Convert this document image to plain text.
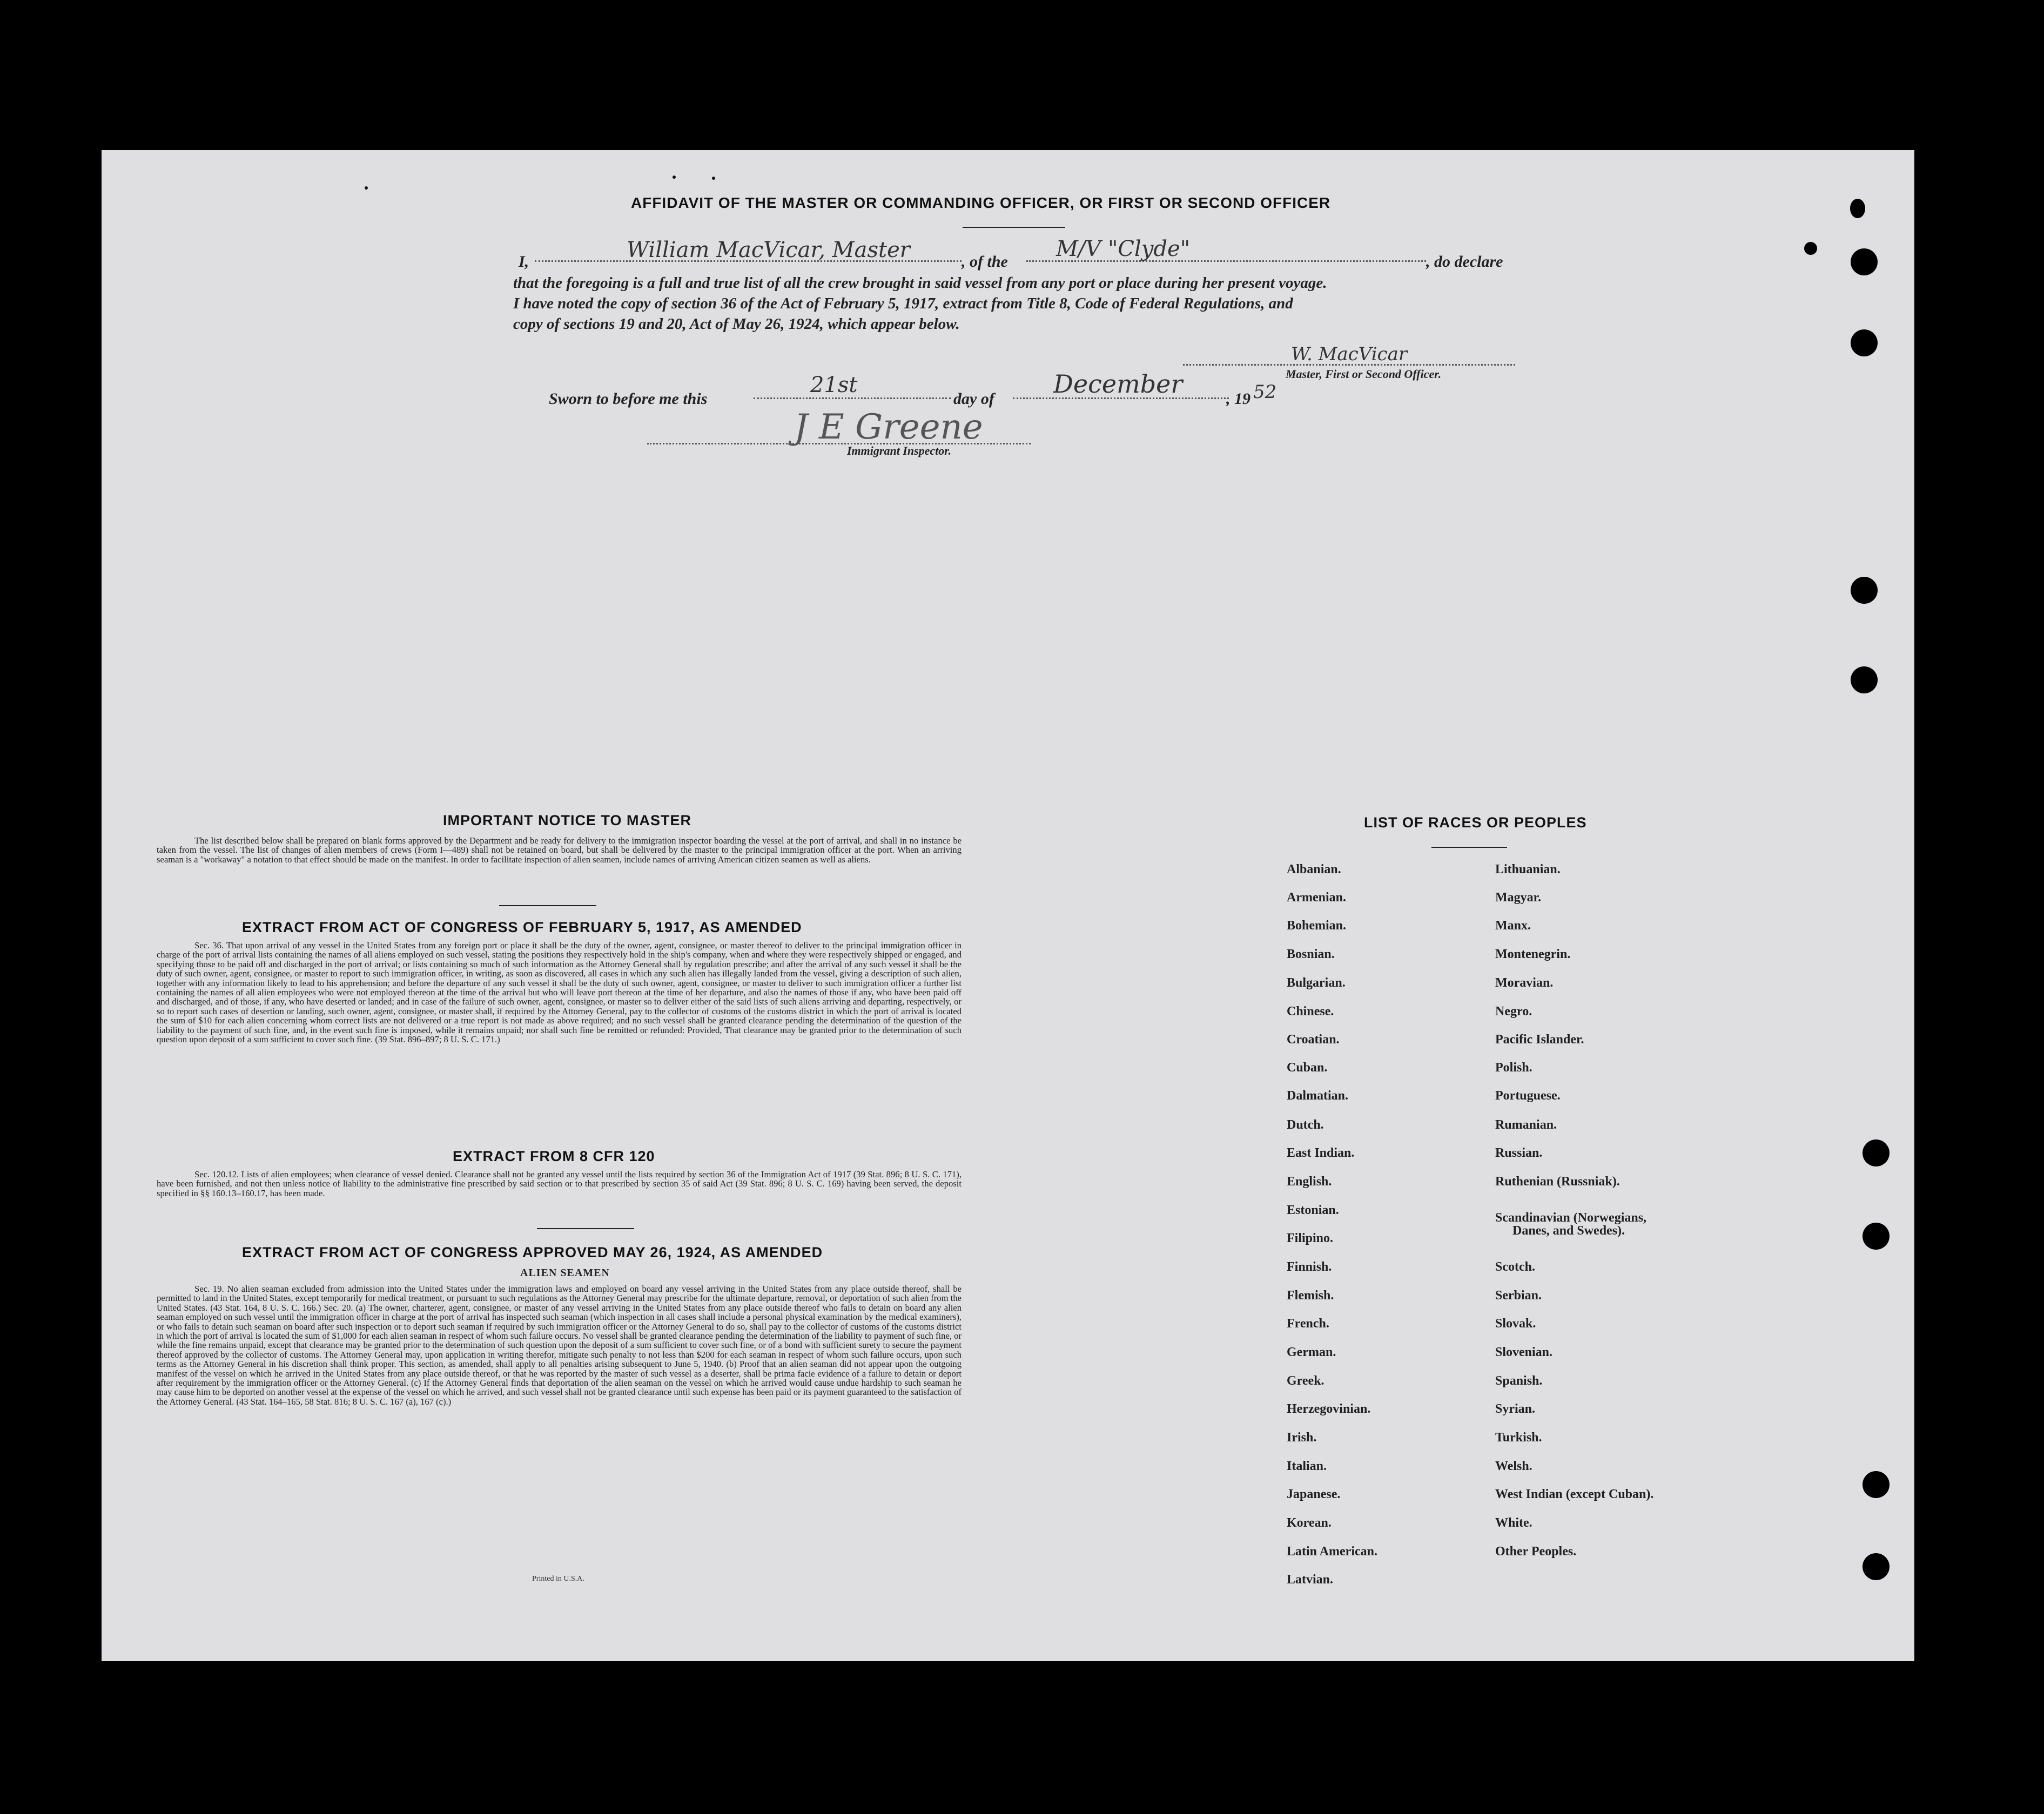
AFFIDAVIT OF THE MASTER OR COMMANDING OFFICER, OR FIRST OR SECOND OFFICER
I,	William MacVicar, Master	, of the
M/V "Clyde"
, do declare
that the foregoing is a full and true list of all the crew brought in said vessel from any port or place during her present voyage.
I have noted the copy of section 36 of the Act of February 5, 1917, extract from Title 8, Code of Federal Regulations, and
copy of sections 19 and 20, Act of May 26, 1924, which appear below.
W. MacVicar
Master, First or Second Officer.
Sworn to before me this
21st
day of
December
, 19 52
J E Greene
Immigrant Inspector.
IMPORTANT NOTICE TO MASTER
The list described below shall be prepared on blank forms approved by the Department and be ready for delivery to the immigration inspector boarding the vessel at the port of arrival, and shall in no instance be taken from the vessel. The list of changes of alien members of crews (Form I—489) shall not be retained on board, but shall be delivered by the master to the principal immigration officer at the port. When an arriving seaman is a "workaway" a notation to that effect should be made on the manifest. In order to facilitate inspection of alien seamen, include names of arriving American citizen seamen as well as aliens.
EXTRACT FROM ACT OF CONGRESS OF FEBRUARY 5, 1917, AS AMENDED
Sec. 36. That upon arrival of any vessel in the United States from any foreign port or place it shall be the duty of the owner, agent, consignee, or master thereof to deliver to the principal immigration officer in charge of the port of arrival lists containing the names of all aliens employed on such vessel, stating the positions they respectively hold in the ship's company, when and where they were respectively shipped or engaged, and specifying those to be paid off and discharged in the port of arrival; or lists containing so much of such information as the Attorney General shall by regulation prescribe; and after the arrival of any such vessel it shall be the duty of such owner, agent, consignee, or master to report to such immigration officer, in writing, as soon as discovered, all cases in which any such alien has illegally landed from the vessel, giving a description of such alien, together with any information likely to lead to his apprehension; and before the departure of any such vessel it shall be the duty of such owner, agent, consignee, or master to deliver to such immigration officer a further list containing the names of all alien employees who were not employed thereon at the time of the arrival but who will leave port thereon at the time of her departure, and also the names of those if any, who have been paid off and discharged, and of those, if any, who have deserted or landed; and in case of the failure of such owner, agent, consignee, or master so to deliver either of the said lists of such aliens arriving and departing, respectively, or so to report such cases of desertion or landing, such owner, agent, consignee, or master shall, if required by the Attorney General, pay to the collector of customs of the customs district in which the port of arrival is located the sum of $10 for each alien concerning whom correct lists are not delivered or a true report is not made as above required; and no such vessel shall be granted clearance pending the determination of the question of the liability to the payment of such fine, and, in the event such fine is imposed, while it remains unpaid; nor shall such fine be remitted or refunded: Provided, That clearance may be granted prior to the determination of such question upon deposit of a sum sufficient to cover such fine. (39 Stat. 896–897; 8 U. S. C. 171.)
EXTRACT FROM 8 CFR 120
Sec. 120.12. Lists of alien employees; when clearance of vessel denied. Clearance shall not be granted any vessel until the lists required by section 36 of the Immigration Act of 1917 (39 Stat. 896; 8 U. S. C. 171), have been furnished, and not then unless notice of liability to the administrative fine prescribed by said section or to that prescribed by section 35 of said Act (39 Stat. 896; 8 U. S. C. 169) having been served, the deposit specified in §§ 160.13–160.17, has been made.
EXTRACT FROM ACT OF CONGRESS APPROVED MAY 26, 1924, AS AMENDED
ALIEN SEAMEN
Sec. 19. No alien seaman excluded from admission into the United States under the immigration laws and employed on board any vessel arriving in the United States from any place outside thereof, shall be permitted to land in the United States, except temporarily for medical treatment, or pursuant to such regulations as the Attorney General may prescribe for the ultimate departure, removal, or deportation of such alien from the United States. (43 Stat. 164, 8 U. S. C. 166.) Sec. 20. (a) The owner, charterer, agent, consignee, or master of any vessel arriving in the United States from any place outside thereof who fails to detain on board any alien seaman employed on such vessel until the immigration officer in charge at the port of arrival has inspected such seaman (which inspection in all cases shall include a personal physical examination by the medical examiners), or who fails to detain such seaman on board after such inspection or to deport such seaman if required by such immigration officer or the Attorney General to do so, shall pay to the collector of customs of the customs district in which the port of arrival is located the sum of $1,000 for each alien seaman in respect of whom such failure occurs. No vessel shall be granted clearance pending the determination of the liability to payment of such fine, or while the fine remains unpaid, except that clearance may be granted prior to the determination of such question upon the deposit of a sum sufficient to cover such fine, or of a bond with sufficient surety to secure the payment thereof approved by the collector of customs. The Attorney General may, upon application in writing therefor, mitigate such penalty to not less than $200 for each seaman in respect of whom such failure occurs, upon such terms as the Attorney General in his discretion shall think proper. This section, as amended, shall apply to all penalties arising subsequent to June 5, 1940. (b) Proof that an alien seaman did not appear upon the outgoing manifest of the vessel on which he arrived in the United States from any place outside thereof, or that he was reported by the master of such vessel as a deserter, shall be prima facie evidence of a failure to detain or deport after requirement by the immigration officer or the Attorney General. (c) If the Attorney General finds that deportation of the alien seaman on the vessel on which he arrived would cause undue hardship to such seaman he may cause him to be deported on another vessel at the expense of the vessel on which he arrived, and such vessel shall not be granted clearance until such expense has been paid or its payment guaranteed to the satisfaction of the Attorney General. (43 Stat. 164–165, 58 Stat. 816; 8 U. S. C. 167 (a), 167 (c).)
Printed in U.S.A.
LIST OF RACES OR PEOPLES
Albanian.
Armenian.
Bohemian.
Bosnian.
Bulgarian.
Chinese.
Croatian.
Cuban.
Dalmatian.
Dutch.
East Indian.
English.
Estonian.
Filipino.
Finnish.
Flemish.
French.
German.
Greek.
Herzegovinian.
Irish.
Italian.
Japanese.
Korean.
Latin American.
Latvian.
Lithuanian.
Magyar.
Manx.
Montenegrin.
Moravian.
Negro.
Pacific Islander.
Polish.
Portuguese.
Rumanian.
Russian.
Ruthenian (Russniak).
Scandinavian (Norwegians,
Danes, and Swedes).
Scotch.
Serbian.
Slovak.
Slovenian.
Spanish.
Syrian.
Turkish.
Welsh.
West Indian (except Cuban).
White.
Other Peoples.
